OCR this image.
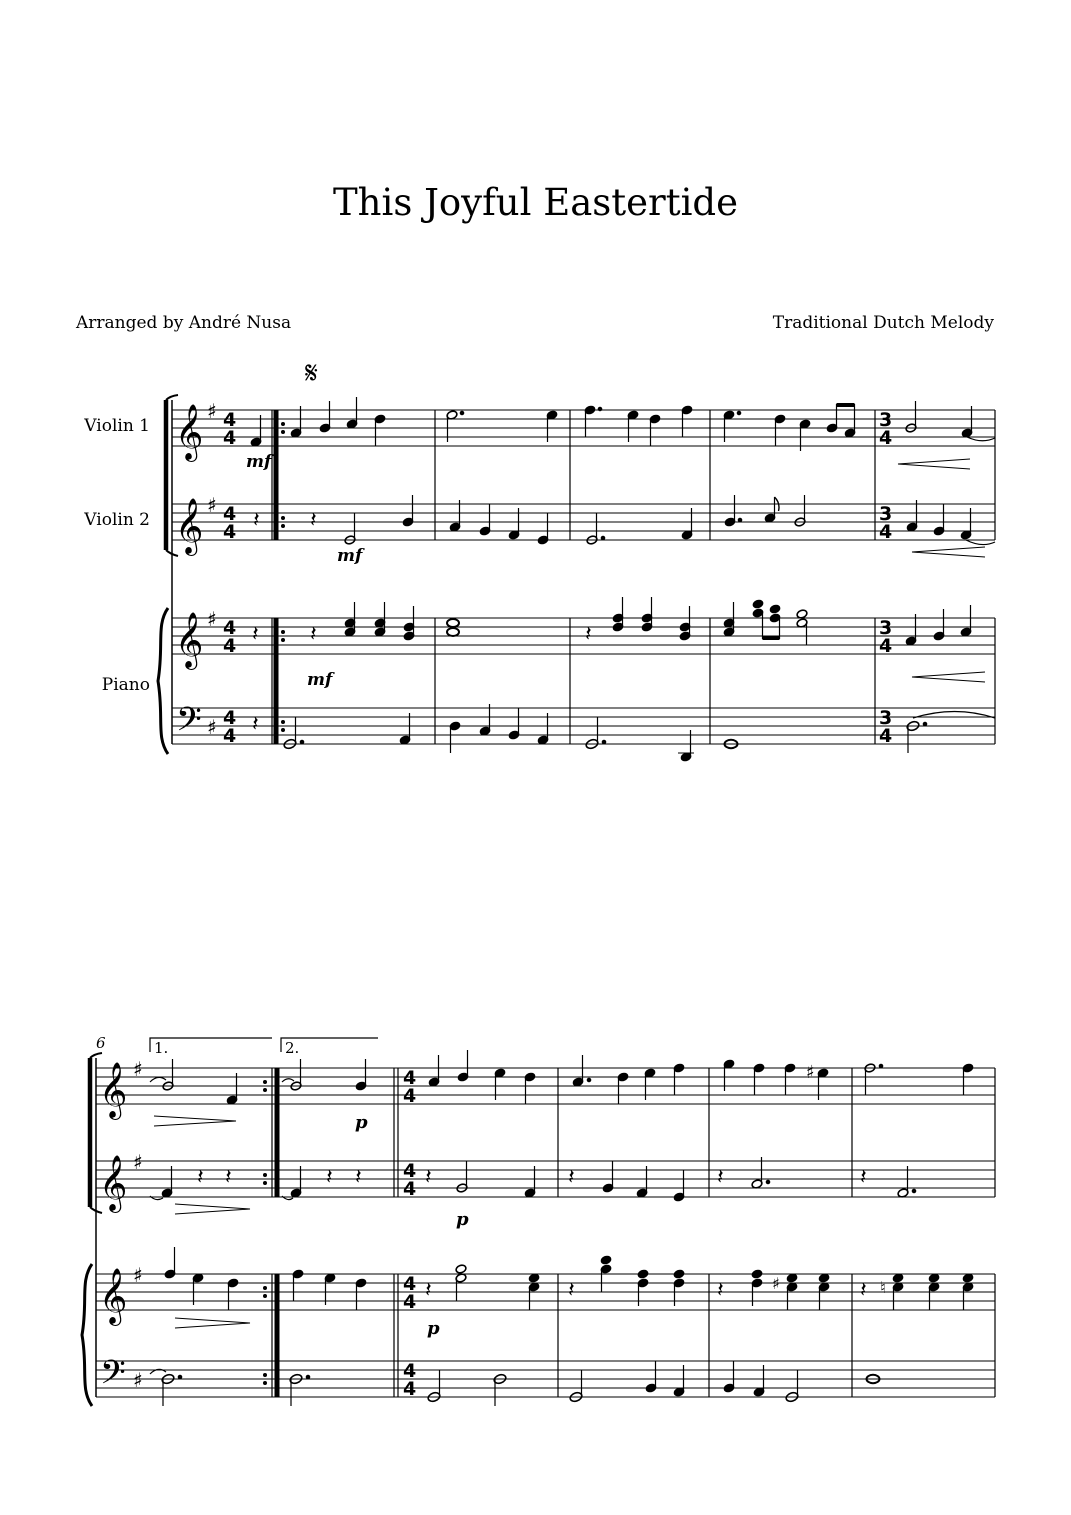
This Joyful Eastertide
Arranged by André Nusa	Traditional Dutch Melody
Violin 1
Violin 2
Piano
𝄋
𝄞
𝄞
𝄞
𝄢
♯
♯
♯
♯
4
4
4
4
4
4
4
4
3
4
3
4
3
4
3
4
mf
𝄽 𝄽
mf
𝄽 𝄽	𝄽
mf
𝄽
6	1.	2.
𝄞
𝄞
𝄞
𝄢
♯
♯
♯
♯
4
4
4
4
4
4
4
4
♯
p
𝄽 𝄽	𝄽 𝄽	𝄽	𝄽	𝄽	𝄽
p
𝄽	𝄽	𝄽	♯	𝄽 ♮
p
